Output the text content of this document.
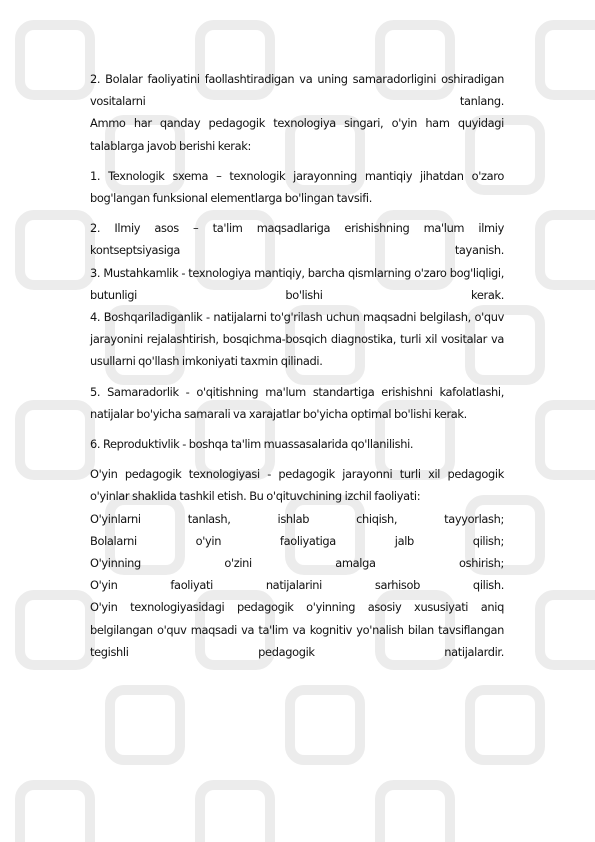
2. Bolalar faoliyatini faollashtiradigan va uning samaradorligini oshiradigan vositalarni tanlang.

Ammo har qanday pedagogik texnologiya singari, o'yin ham quyidagi talablarga javob berishi kerak:

1. Texnologik sxema – texnologik jarayonning mantiqiy jihatdan o'zaro bog'langan funksional elementlarga bo'lingan tavsifi.

2. Ilmiy asos – ta'lim maqsadlariga erishishning ma'lum ilmiy kontseptsiyasiga tayanish.

3. Mustahkamlik - texnologiya mantiqiy, barcha qismlarning o'zaro bog'liqligi, butunligi bo'lishi kerak.

4. Boshqariladiganlik - natijalarni to'g'rilash uchun maqsadni belgilash, o'quv jarayonini rejalashtirish, bosqichma-bosqich diagnostika, turli xil vositalar va usullarni qo'llash imkoniyati taxmin qilinadi.

5. Samaradorlik - o'qitishning ma'lum standartiga erishishni kafolatlashi, natijalar bo'yicha samarali va xarajatlar bo'yicha optimal bo'lishi kerak.

6. Reproduktivlik - boshqa ta'lim muassasalarida qo'llanilishi.

O'yin pedagogik texnologiyasi - pedagogik jarayonni turli xil pedagogik o'yinlar shaklida tashkil etish. Bu o'qituvchining izchil faoliyati:

O'yinlarni tanlash, ishlab chiqish, tayyorlash;

Bolalarni o'yin faoliyatiga jalb qilish;

O'yinning o'zini amalga oshirish;

O'yin faoliyati natijalarini sarhisob qilish.

O'yin texnologiyasidagi pedagogik o'yinning asosiy xususiyati aniq belgilangan o'quv maqsadi va ta'lim va kognitiv yo'nalish bilan tavsiflangan tegishli pedagogik natijalardir.
